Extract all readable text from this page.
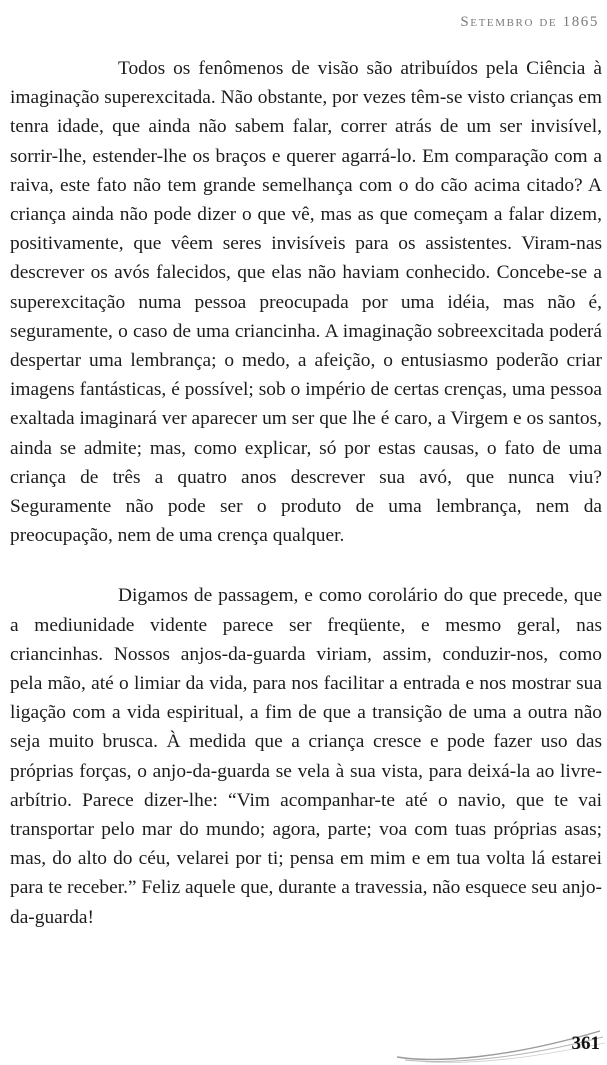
Setembro de 1865

Todos os fenômenos de visão são atribuídos pela Ciência à imaginação superexcitada. Não obstante, por vezes têm-se visto crianças em tenra idade, que ainda não sabem falar, correr atrás de um ser invisível, sorrir-lhe, estender-lhe os braços e querer agarrá-lo. Em comparação com a raiva, este fato não tem grande semelhança com o do cão acima citado? A criança ainda não pode dizer o que vê, mas as que começam a falar dizem, positivamente, que vêem seres invisíveis para os assistentes. Viram-nas descrever os avós falecidos, que elas não haviam conhecido. Concebe-se a superexcitação numa pessoa preocupada por uma idéia, mas não é, seguramente, o caso de uma criancinha. A imaginação sobreexcitada poderá despertar uma lembrança; o medo, a afeição, o entusiasmo poderão criar imagens fantásticas, é possível; sob o império de certas crenças, uma pessoa exaltada imaginará ver aparecer um ser que lhe é caro, a Virgem e os santos, ainda se admite; mas, como explicar, só por estas causas, o fato de uma criança de três a quatro anos descrever sua avó, que nunca viu? Seguramente não pode ser o produto de uma lembrança, nem da preocupação, nem de uma crença qualquer.

Digamos de passagem, e como corolário do que precede, que a mediunidade vidente parece ser freqüente, e mesmo geral, nas criancinhas. Nossos anjos-da-guarda viriam, assim, conduzir-nos, como pela mão, até o limiar da vida, para nos facilitar a entrada e nos mostrar sua ligação com a vida espiritual, a fim de que a transição de uma a outra não seja muito brusca. À medida que a criança cresce e pode fazer uso das próprias forças, o anjo-da-guarda se vela à sua vista, para deixá-la ao livre-arbítrio. Parece dizer-lhe: “Vim acompanhar-te até o navio, que te vai transportar pelo mar do mundo; agora, parte; voa com tuas próprias asas; mas, do alto do céu, velarei por ti; pensa em mim e em tua volta lá estarei para te receber.” Feliz aquele que, durante a travessia, não esquece seu anjo-da-guarda!

361
